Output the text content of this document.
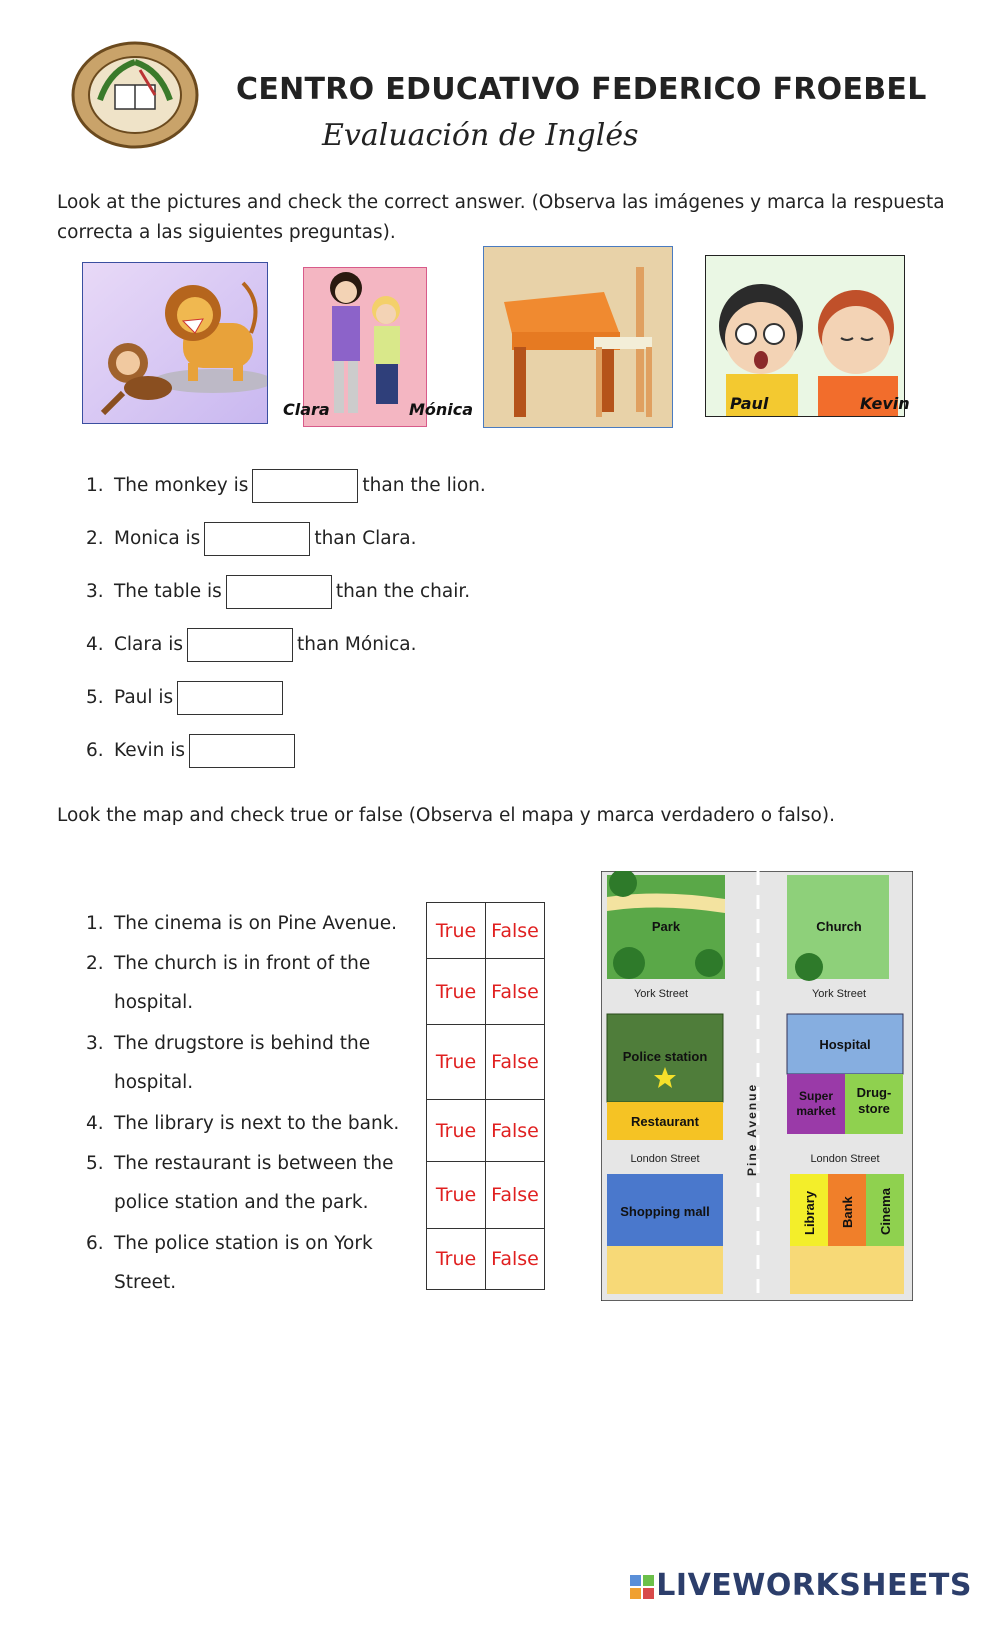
CENTRO EDUCATIVO FEDERICO FROEBEL
Evaluación de Inglés
Look at the pictures and check the correct answer. (Observa las imágenes y marca la respuesta correcta a las siguientes preguntas).
Clara	Mónica	Paul	Kevin
1. The monkey is	than the lion.
2. Monica is	than Clara.
3. The table is	than the chair.
4. Clara is	than Mónica.
5. Paul is
6. Kevin is
Look the map and check true or false (Observa el mapa y marca verdadero o falso).
1. The cinema is on Pine Avenue.
2. The church is in front of the
hospital.
3. The drugstore is behind the
hospital.
4. The library is next to the bank.
5. The restaurant is between the
police station and the park.
6. The police station is on York
Street.
True	False
True	False
True	False
True	False
True	False
True	False
Park	Church
York Street	York Street
Police station
Restaurant	Pine Avenue
Hospital
Super
market
Drug-
store
London Street	London Street
Shopping mall	Library Bank Cinema
LIVEWORKSHEETS
